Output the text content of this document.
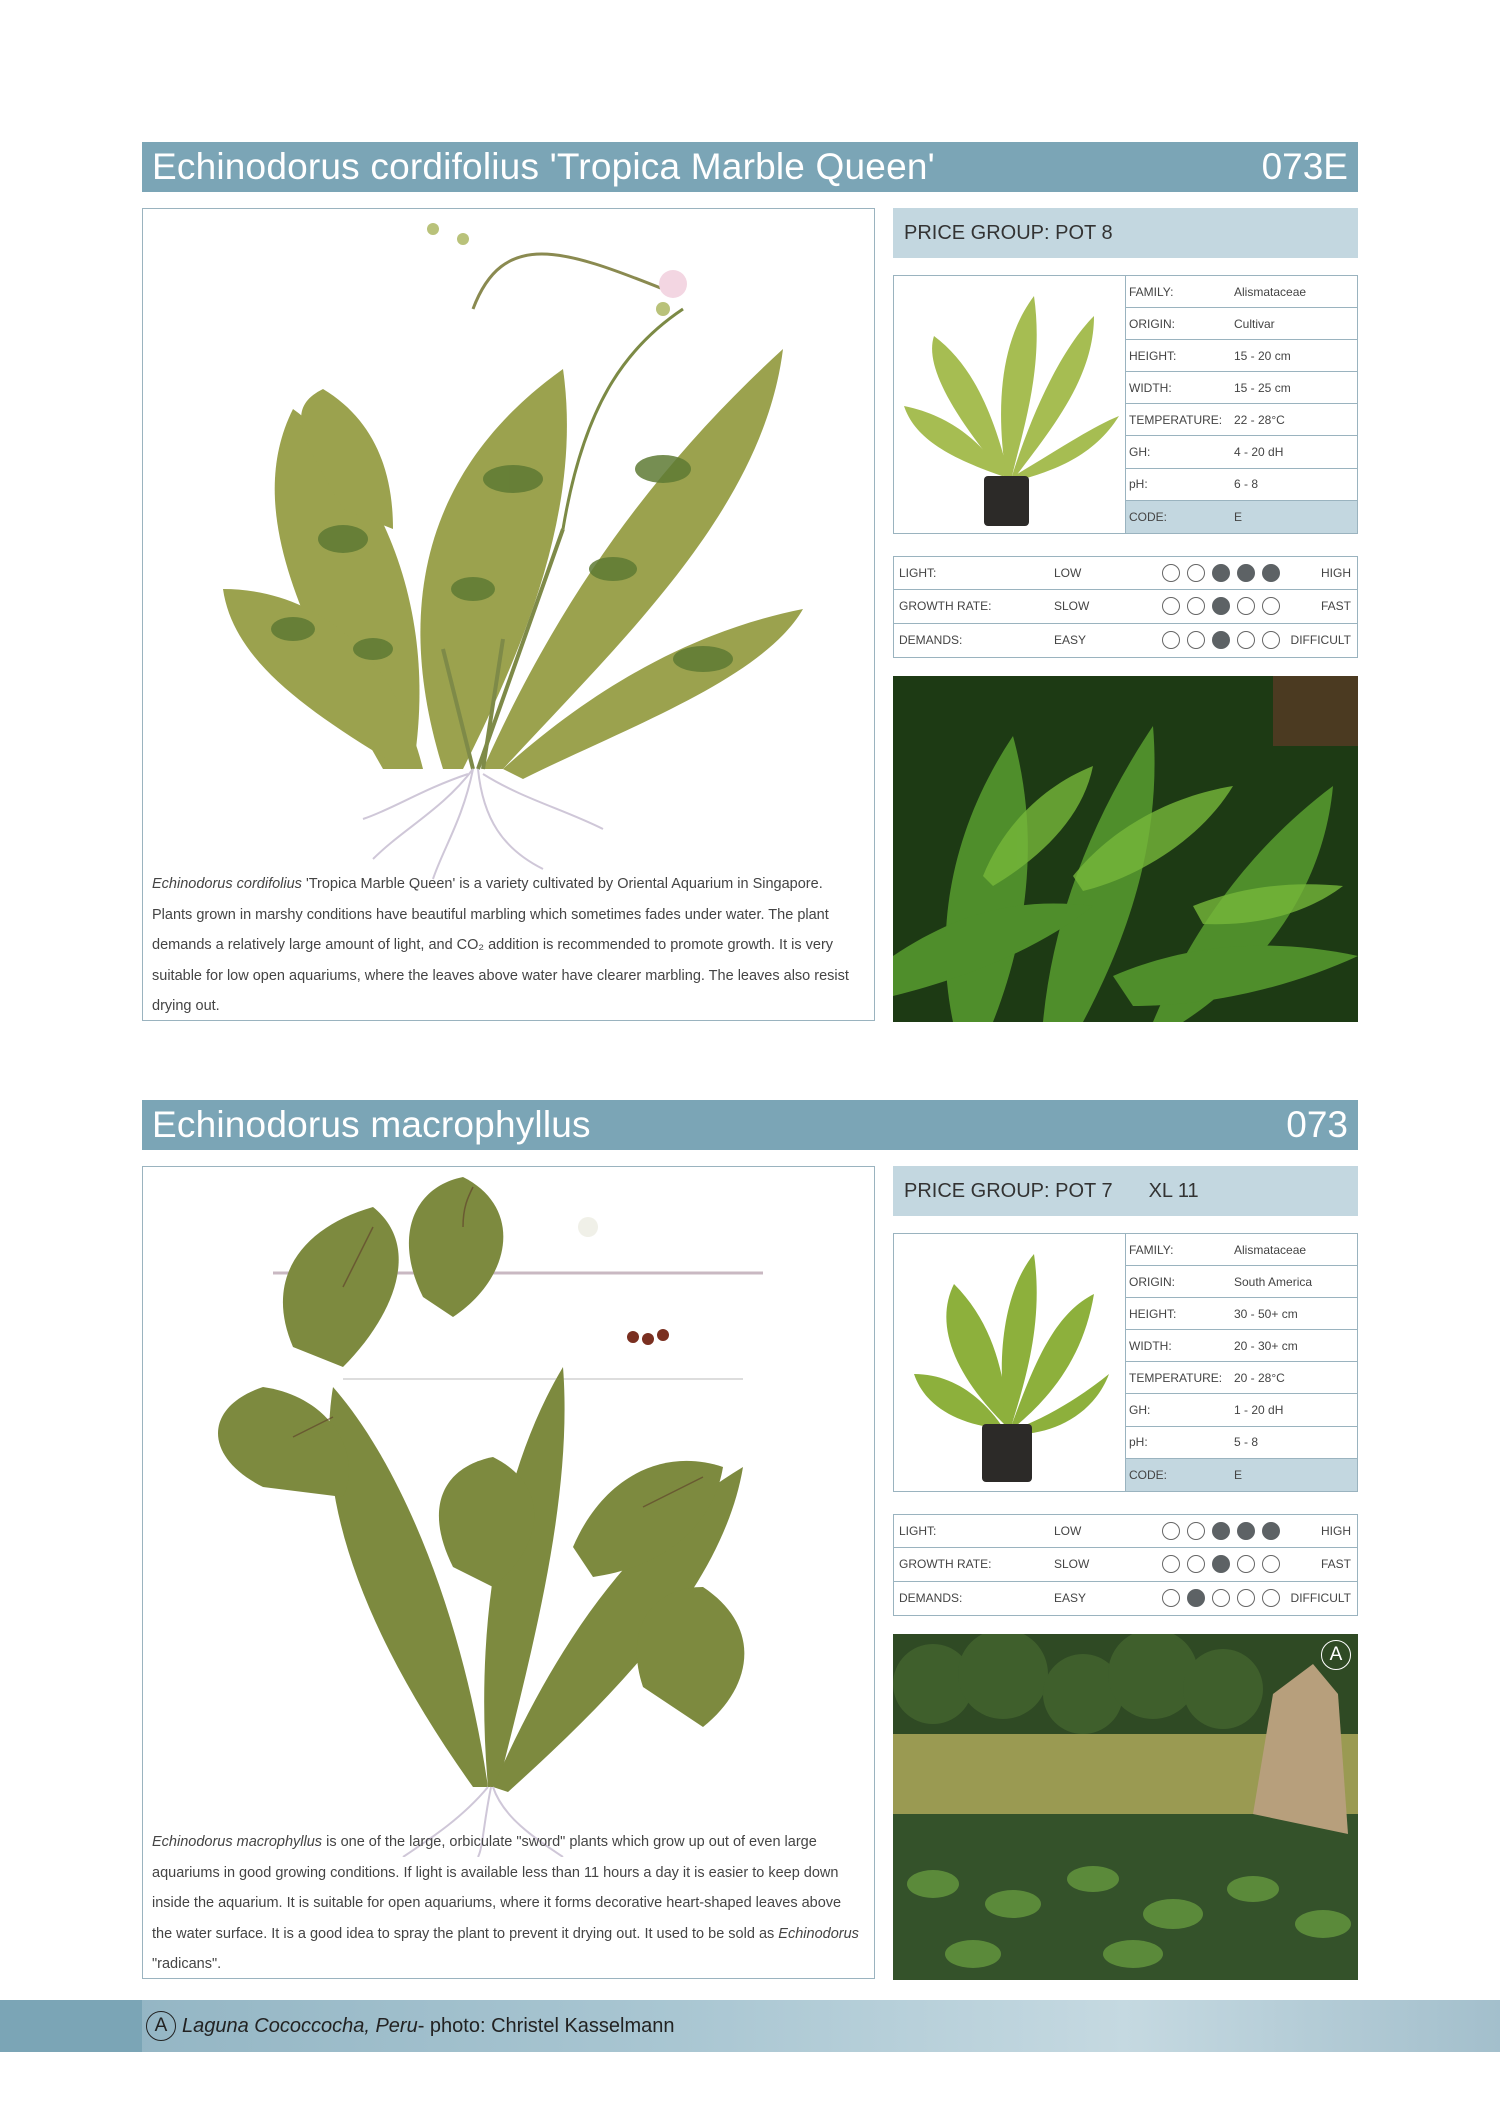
Echinodorus cordifolius 'Tropica Marble Queen'	073E

Echinodorus cordifolius 'Tropica Marble Queen' is a variety cultivated by Oriental Aquarium in Singapore. Plants grown in marshy conditions have beautiful marbling which sometimes fades under water. The plant demands a relatively large amount of light, and CO₂ addition is recommended to promote growth. It is very suitable for low open aquariums, where the leaves above water have clearer marbling. The leaves also resist drying out.

PRICE GROUP: POT 8
FAMILY:	Alismataceae
ORIGIN:	Cultivar
HEIGHT:	15 - 20 cm
WIDTH:	15 - 25 cm
TEMPERATURE: 22 - 28°C
GH:	4 - 20 dH
pH:	6 - 8
CODE:	E
LIGHT:	LOW	HIGH
GROWTH RATE:	SLOW	FAST
DEMANDS:	EASY	DIFFICULT
Echinodorus macrophyllus	073

Echinodorus macrophyllus is one of the large, orbiculate "sword" plants which grow up out of even large aquariums in good growing conditions. If light is available less than 11 hours a day it is easier to keep down inside the aquarium. It is suitable for open aquariums, where it forms decorative heart-shaped leaves above the water surface. It is a good idea to spray the plant to prevent it drying out. It used to be sold as Echinodorus "radicans".

PRICE GROUP: POT 7 XL 11
FAMILY:	Alismataceae
ORIGIN:	South America
HEIGHT:	30 - 50+ cm
WIDTH:	20 - 30+ cm
TEMPERATURE: 20 - 28°C
GH:	1 - 20 dH
pH:	5 - 8
CODE:	E
LIGHT:	LOW	HIGH
GROWTH RATE:	SLOW	FAST
DEMANDS:	EASY	DIFFICULT
A
A Laguna Cococcocha, Peru - photo: Christel Kasselmann
